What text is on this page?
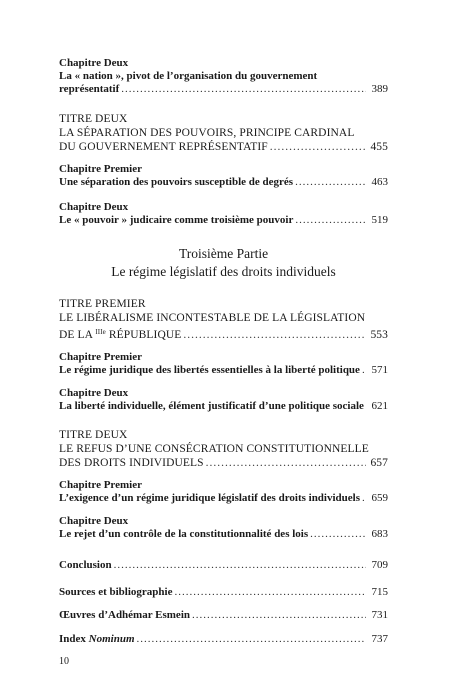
Chapitre Deux
La « nation », pivot de l’organisation du gouvernement
représentatif .....	389
TITRE DEUX
LA SÉPARATION DES POUVOIRS, PRINCIPE CARDINAL
DU GOUVERNEMENT REPRÉSENTATIF .....	455
Chapitre Premier
Une séparation des pouvoirs susceptible de degrés .....	463
Chapitre Deux
Le « pouvoir » judicaire comme troisième pouvoir .....	519
Troisième Partie
Le régime législatif des droits individuels
TITRE PREMIER
LE LIBÉRALISME INCONTESTABLE DE LA LÉGISLATION
DE LA $^{IIIe}$ RÉPUBLIQUE .....	553
Chapitre Premier
Le régime juridique des libertés essentielles à la liberté politique ..... 571
Chapitre Deux
La liberté individuelle, élément justificatif d’une politique sociale ..... 621
TITRE DEUX
LE REFUS D’UNE CONSÉCRATION CONSTITUTIONNELLE
DES DROITS INDIVIDUELS .....	657
Chapitre Premier
L’exigence d’un régime juridique législatif des droits individuels ..... 659
Chapitre Deux
Le rejet d’un contrôle de la constitutionnalité des lois .....	683
Conclusion .....	709
Sources et bibliographie .....	715
Œuvres d’Adhémar Esmein .....	731
Index Nominum .....	737
10
